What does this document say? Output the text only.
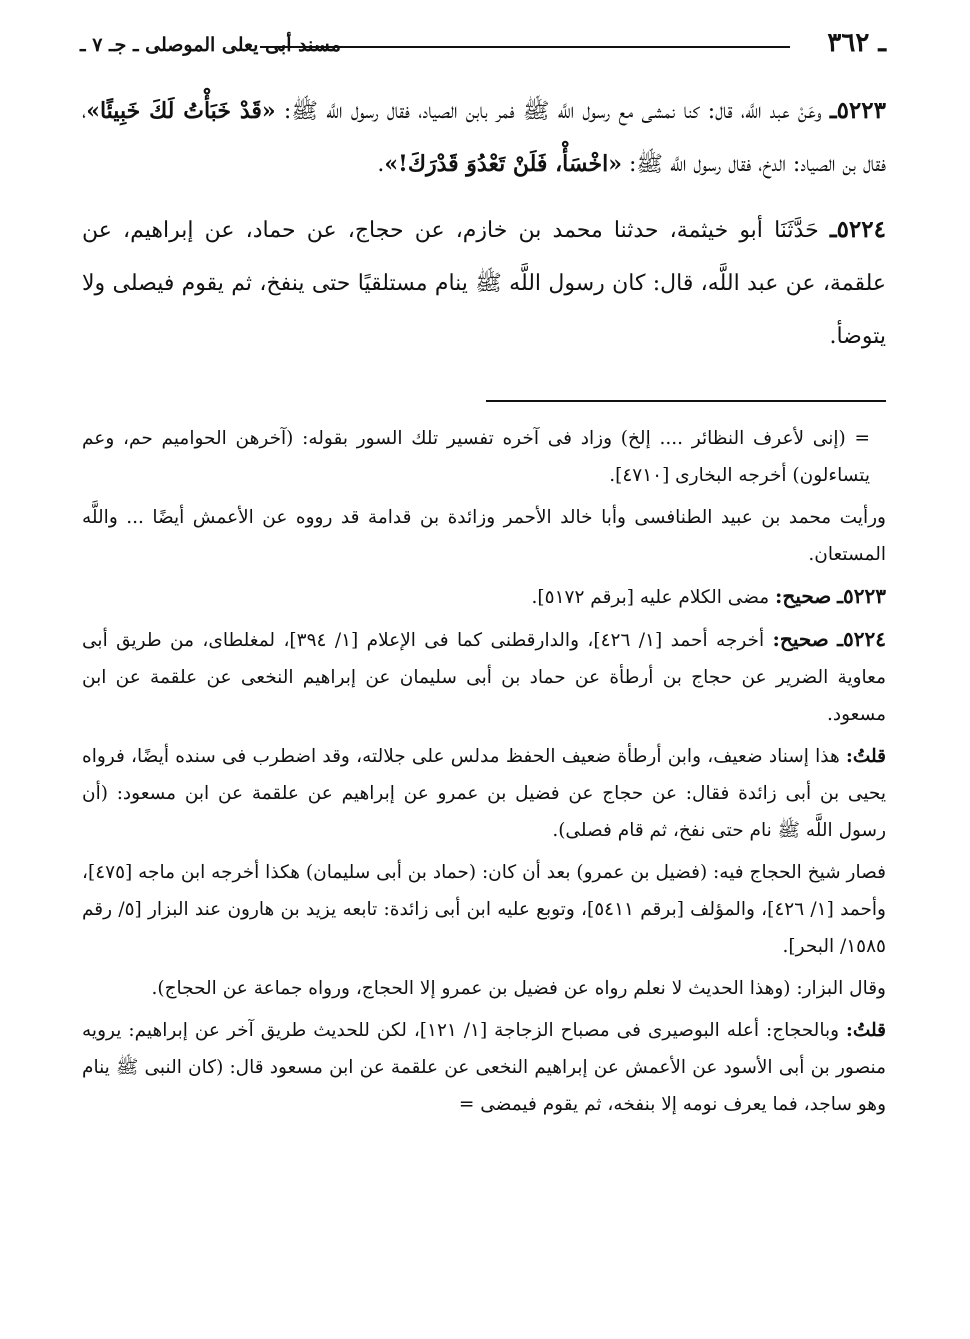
ـ ٣٦٢
مسند أبى يعلى الموصلى ـ جـ ٧ ـ

٥٢٢٣ـ وعَنْ عبد اللَّه، قال: كنا نمشى مع رسول اللَّه ﷺ فمر بابن الصياد، فقال رسول اللَّه ﷺ: «قَدْ خَبَأْتُ لَكَ خَبِيئًا»، فقال بن الصياد: الدخ، فقال رسول اللَّه ﷺ: «اخْسَأْ، فَلَنْ تَعْدُوَ قَدْرَكَ!».

٥٢٢٤ـ حَدَّثَنَا أبو خيثمة، حدثنا محمد بن خازم، عن حجاج، عن حماد، عن إبراهيم، عن علقمة، عن عبد اللَّه، قال: كان رسول اللَّه ﷺ ينام مستلقيًا حتى ينفخ، ثم يقوم فيصلى ولا يتوضأ.

= (إنى لأعرف النظائر .... إلخ) وزاد فى آخره تفسير تلك السور بقوله: (آخرهن الحواميم حم، وعم يتساءلون) أخرجه البخارى [٤٧١٠].

ورأيت محمد بن عبيد الطنافسى وأبا خالد الأحمر وزائدة بن قدامة قد رووه عن الأعمش أيضًا ... واللَّه المستعان.

٥٢٢٣ـ صحيح: مضى الكلام عليه [برقم ٥١٧٢].

٥٢٢٤ـ صحيح: أخرجه أحمد [١/ ٤٢٦]، والدارقطنى كما فى الإعلام [١/ ٣٩٤]، لمغلطاى، من طريق أبى معاوية الضرير عن حجاج بن أرطأة عن حماد بن أبى سليمان عن إبراهيم النخعى عن علقمة عن ابن مسعود.

قلتُ: هذا إسناد ضعيف، وابن أرطأة ضعيف الحفظ مدلس على جلالته، وقد اضطرب فى سنده أيضًا، فرواه يحيى بن أبى زائدة فقال: عن حجاج عن فضيل بن عمرو عن إبراهيم عن علقمة عن ابن مسعود: (أن رسول اللَّه ﷺ نام حتى نفخ، ثم قام فصلى).

فصار شيخ الحجاج فيه: (فضيل بن عمرو) بعد أن كان: (حماد بن أبى سليمان) هكذا أخرجه ابن ماجه [٤٧٥]، وأحمد [١/ ٤٢٦]، والمؤلف [برقم ٥٤١١]، وتوبع عليه ابن أبى زائدة: تابعه يزيد بن هارون عند البزار [٥/ رقم ١٥٨٥/ البحر].

وقال البزار: (وهذا الحديث لا نعلم رواه عن فضيل بن عمرو إلا الحجاج، ورواه جماعة عن الحجاج).

قلتُ: وبالحجاج: أعله البوصيرى فى مصباح الزجاجة [١/ ١٢١]، لكن للحديث طريق آخر عن إبراهيم: يرويه منصور بن أبى الأسود عن الأعمش عن إبراهيم النخعى عن علقمة عن ابن مسعود قال: (كان النبى ﷺ ينام وهو ساجد، فما يعرف نومه إلا بنفخه، ثم يقوم فيمضى =
